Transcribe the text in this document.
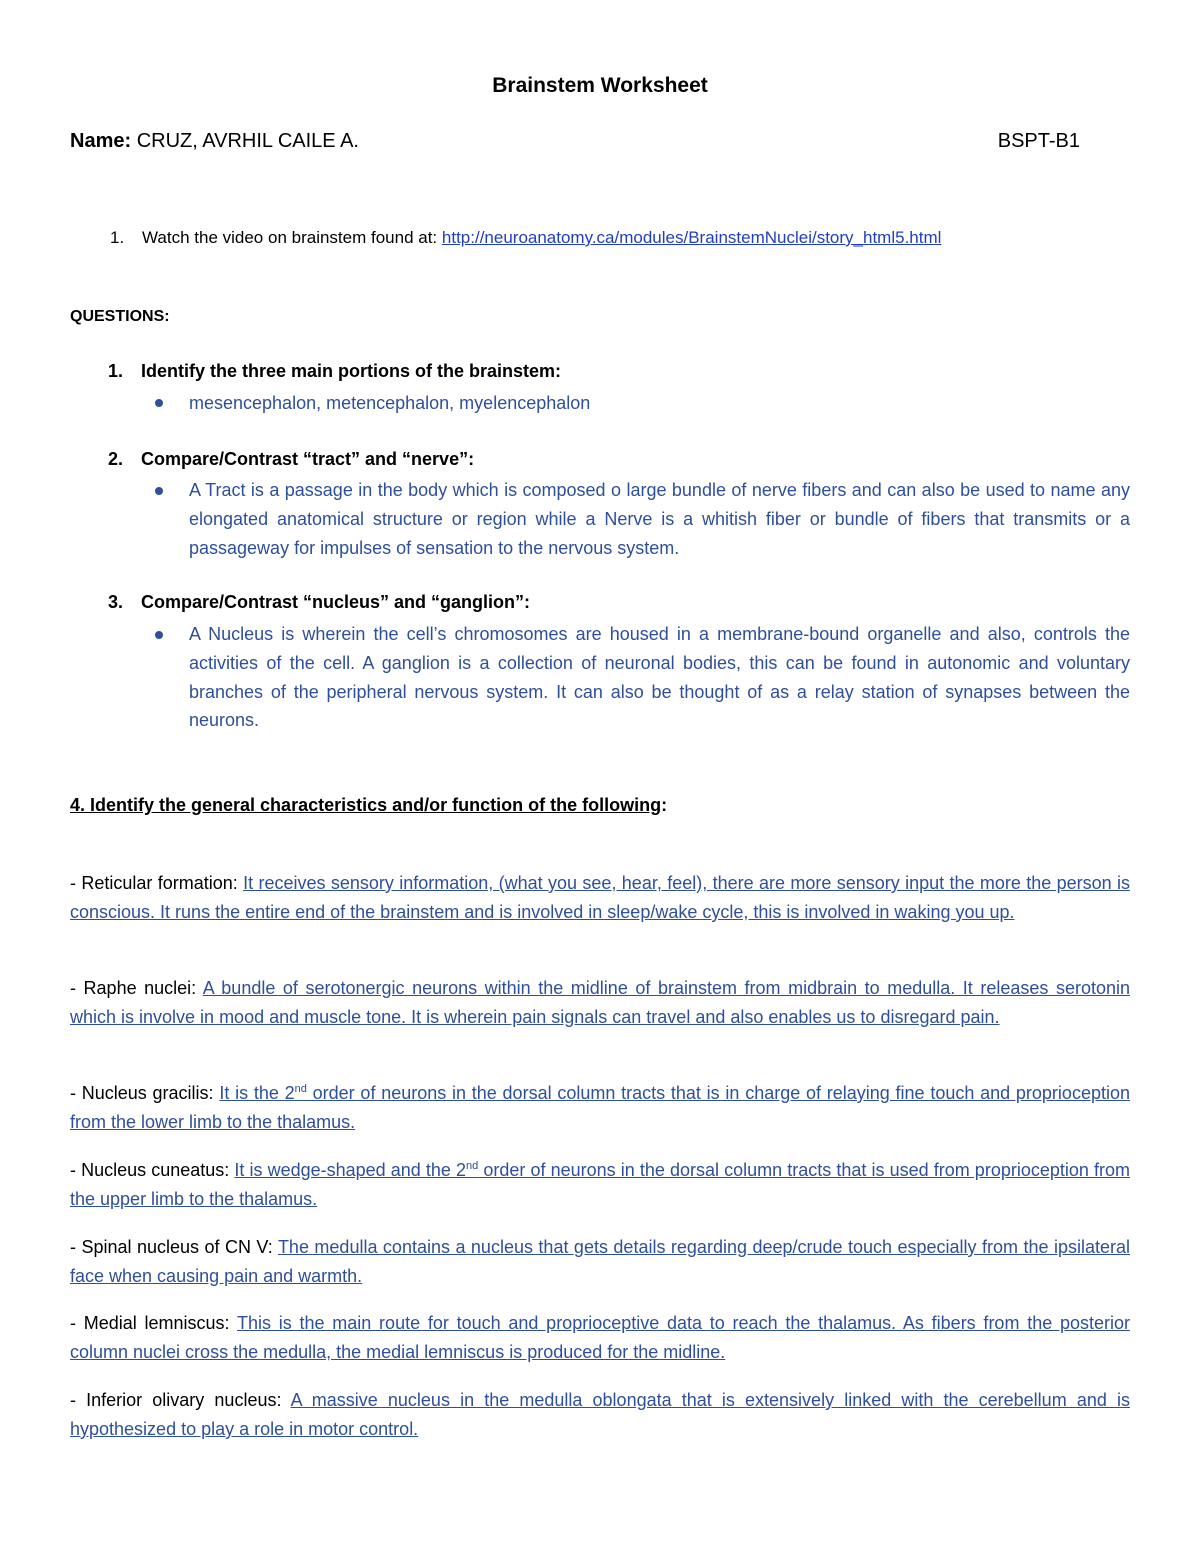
Brainstem Worksheet
Name: CRUZ, AVRHIL CAILE A.	BSPT-B1
1. Watch the video on brainstem found at: http://neuroanatomy.ca/modules/BrainstemNuclei/story_html5.html
QUESTIONS:
1. Identify the three main portions of the brainstem:
mesencephalon, metencephalon, myelencephalon
2. Compare/Contrast “tract” and “nerve”:
A Tract is a passage in the body which is composed o large bundle of nerve fibers and can also be used to name any elongated anatomical structure or region while a Nerve is a whitish fiber or bundle of fibers that transmits or a passageway for impulses of sensation to the nervous system.
3. Compare/Contrast “nucleus” and “ganglion”:
A Nucleus is wherein the cell’s chromosomes are housed in a membrane-bound organelle and also, controls the activities of the cell. A ganglion is a collection of neuronal bodies, this can be found in autonomic and voluntary branches of the peripheral nervous system. It can also be thought of as a relay station of synapses between the neurons.
4. Identify the general characteristics and/or function of the following:
- Reticular formation: It receives sensory information, (what you see, hear, feel), there are more sensory input the more the person is conscious. It runs the entire end of the brainstem and is involved in sleep/wake cycle, this is involved in waking you up.
- Raphe nuclei: A bundle of serotonergic neurons within the midline of brainstem from midbrain to medulla. It releases serotonin which is involve in mood and muscle tone. It is wherein pain signals can travel and also enables us to disregard pain.
- Nucleus gracilis: It is the 2nd order of neurons in the dorsal column tracts that is in charge of relaying fine touch and proprioception from the lower limb to the thalamus.
- Nucleus cuneatus: It is wedge-shaped and the 2nd order of neurons in the dorsal column tracts that is used from proprioception from the upper limb to the thalamus.
- Spinal nucleus of CN V: The medulla contains a nucleus that gets details regarding deep/crude touch especially from the ipsilateral face when causing pain and warmth.
- Medial lemniscus: This is the main route for touch and proprioceptive data to reach the thalamus. As fibers from the posterior column nuclei cross the medulla, the medial lemniscus is produced for the midline.
- Inferior olivary nucleus: A massive nucleus in the medulla oblongata that is extensively linked with the cerebellum and is hypothesized to play a role in motor control.
